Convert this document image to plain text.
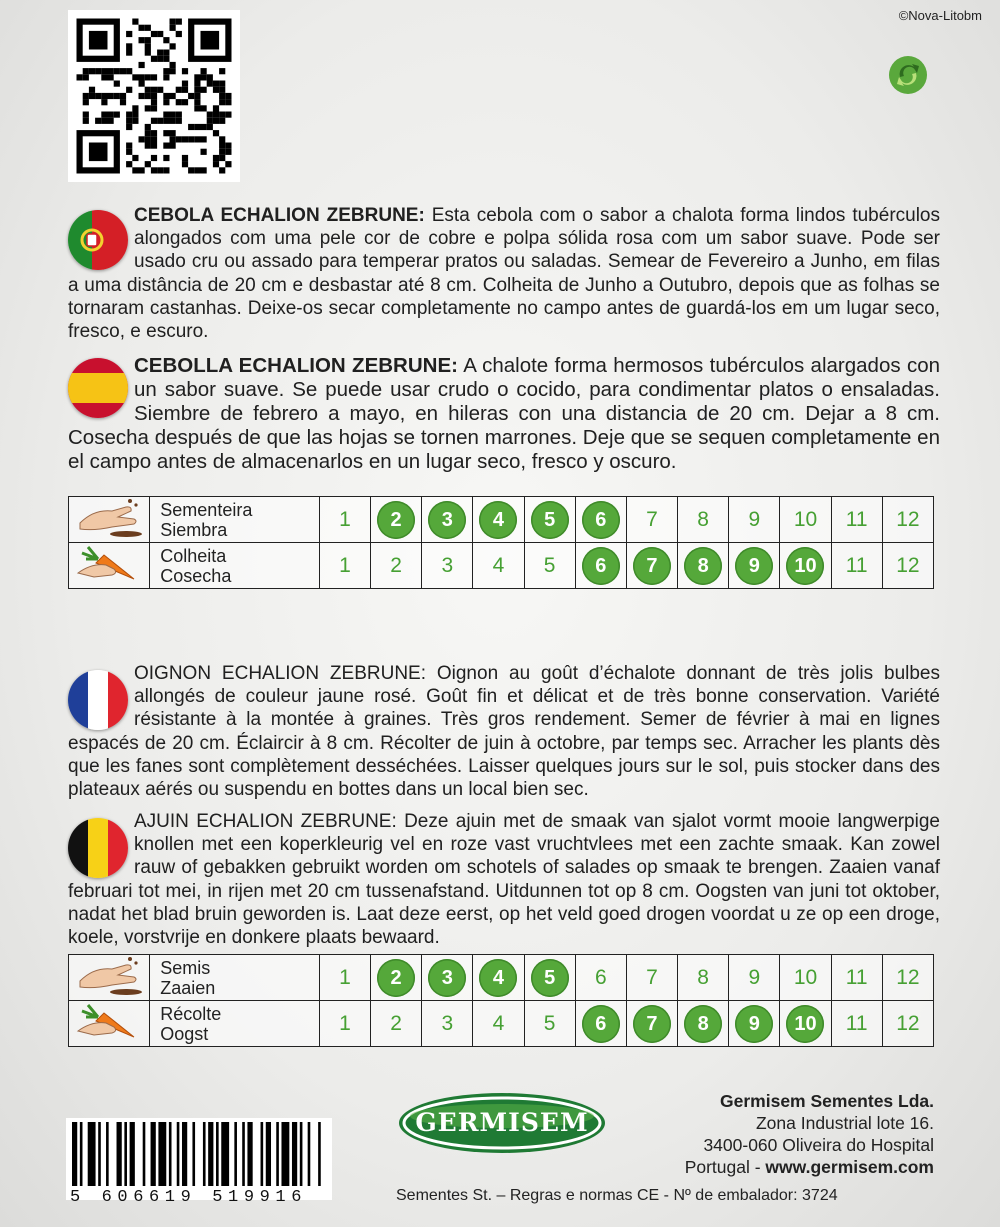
©Nova-Litobm

CEBOLA ECHALION ZEBRUNE: Esta cebola com o sabor a chalota forma lindos tubérculos alongados com uma pele cor de cobre e polpa sólida rosa com um sabor suave. Pode ser usado cru ou assado para temperar pratos ou saladas. Semear de Fevereiro a Junho, em filas a uma distância de 20 cm e desbastar até 8 cm. Colheita de Junho a Outubro, depois que as folhas se tornaram castanhas. Deixe-os secar completamente no campo antes de guardá-los em um lugar seco, fresco, e escuro.

CEBOLLA ECHALION ZEBRUNE: A chalote forma hermosos tubérculos alargados con un sabor suave. Se puede usar crudo o cocido, para condimentar platos o ensaladas. Siembre de febrero a mayo, en hileras con una distancia de 20 cm. Dejar a 8 cm. Cosecha después de que las hojas se tornen marrones. Deje que se sequen completamente en el campo antes de almacenarlos en un lugar seco, fresco y oscuro.

Sementeira
Siembra	1	2	3	4	5	6	7	8	9	10	11	12

Colheita
Cosecha	1	2	3	4	5	6	7	8	9	10	11	12

OIGNON ECHALION ZEBRUNE: Oignon au goût d’échalote donnant de très jolis bulbes allongés de couleur jaune rosé. Goût fin et délicat et de très bonne conservation. Variété résistante à la montée à graines. Très gros rendement. Semer de février à mai en lignes espacés de 20 cm. Éclaircir à 8 cm. Récolter de juin à octobre, par temps sec. Arracher les plants dès que les fanes sont complètement desséchées. Laisser quelques jours sur le sol, puis stocker dans des plateaux aérés ou suspendu en bottes dans un local bien sec.

AJUIN ECHALION ZEBRUNE: Deze ajuin met de smaak van sjalot vormt mooie langwerpige knollen met een koperkleurig vel en roze vast vruchtvlees met een zachte smaak. Kan zowel rauw of gebakken gebruikt worden om schotels of salades op smaak te brengen. Zaaien vanaf februari tot mei, in rijen met 20 cm tussenafstand. Uitdunnen tot op 8 cm. Oogsten van juni tot oktober, nadat het blad bruin geworden is. Laat deze eerst, op het veld goed drogen voordat u ze op een droge, koele, vorstvrije en donkere plaats bewaard.

Semis
Zaaien	1	2	3	4	5	6	7	8	9	10	11	12

Récolte
Oogst	1	2	3	4	5	6	7	8	9	10	11	12
GERMISEM
Germisem Sementes Lda.
Zona Industrial lote 16.
3400-060 Oliveira do Hospital
Portugal - www.germisem.com
5 606619 519916	Sementes St. – Regras e normas CE - Nº de embalador: 3724
